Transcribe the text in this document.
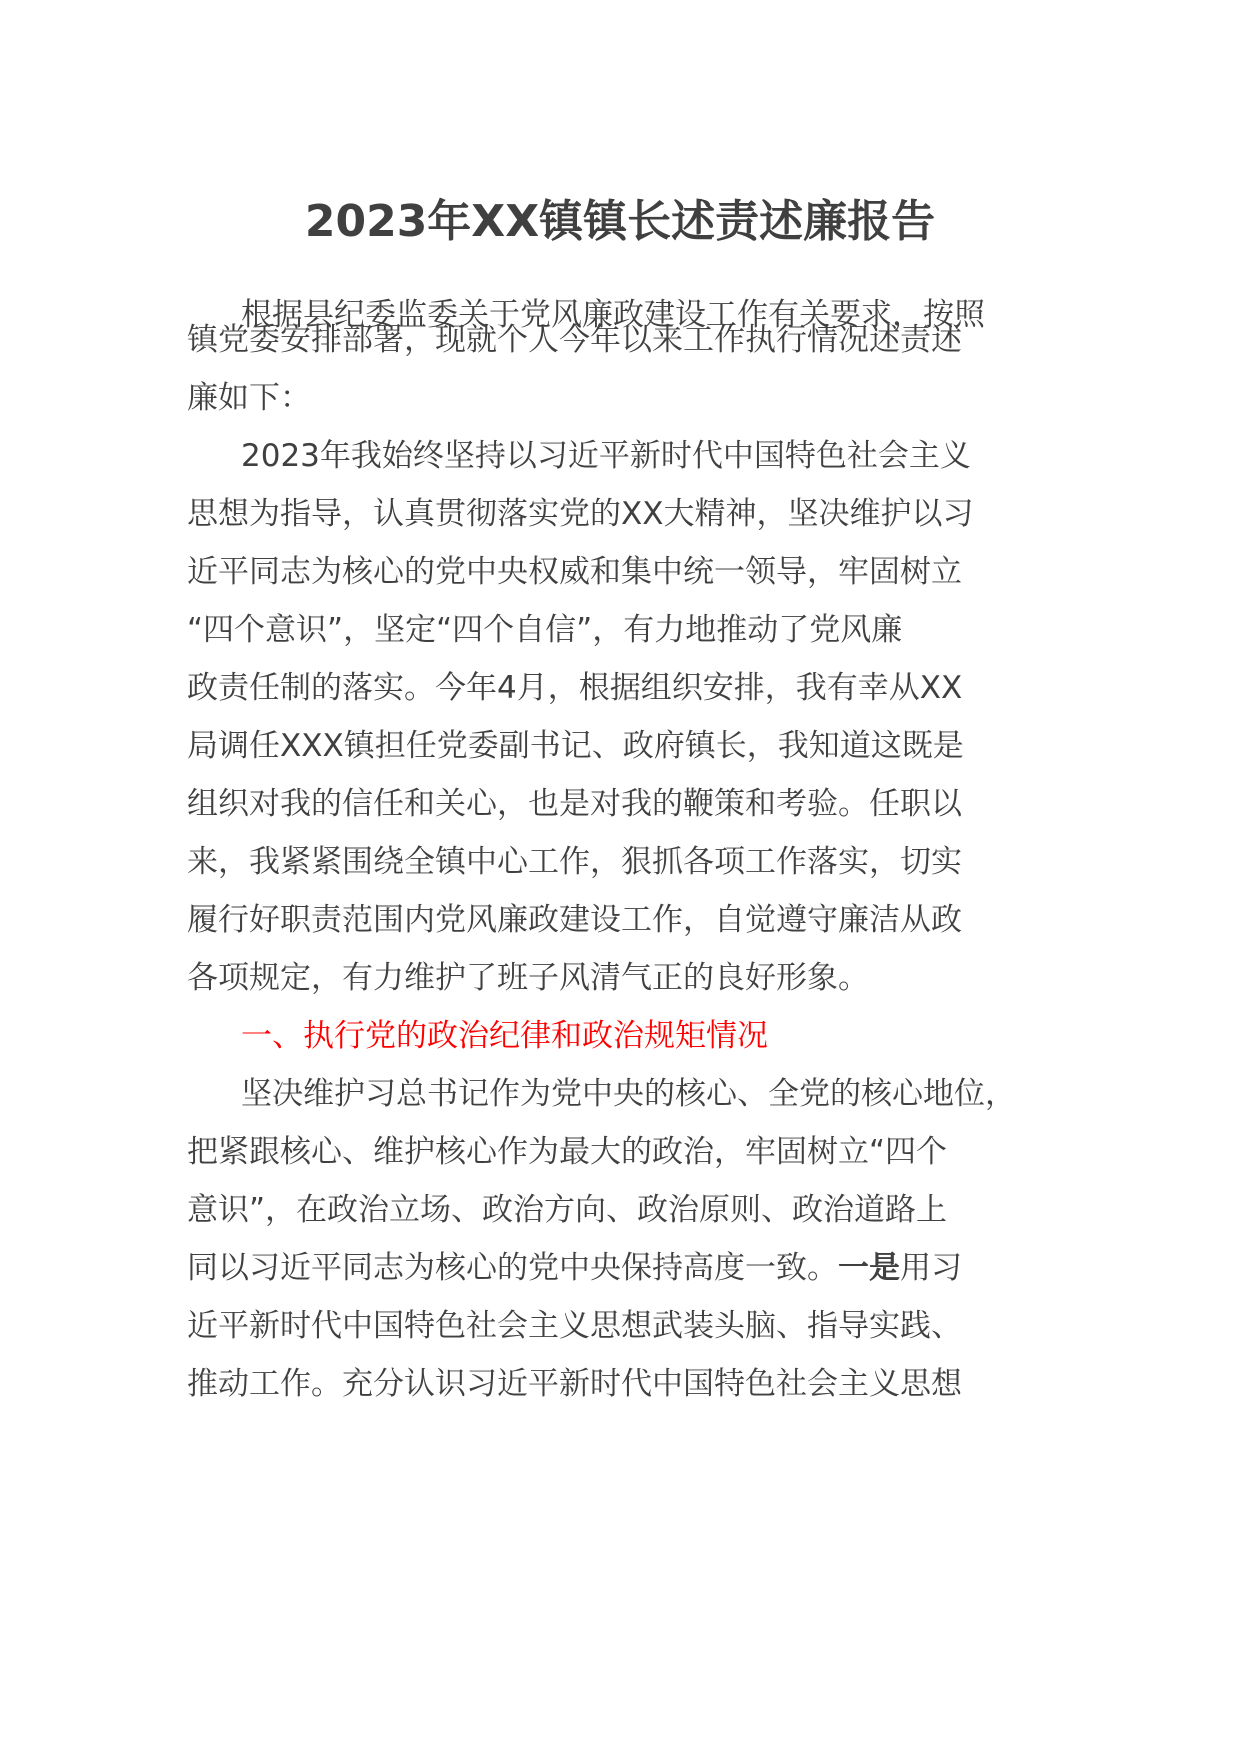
2023年XX镇镇长述责述廉报告
根据县纪委监委关于党风廉政建设工作有关要求，按照
镇党委安排部署，现就个人今年以来工作执行情况述责述
廉如下：
2023年我始终坚持以习近平新时代中国特色社会主义
思想为指导，认真贯彻落实党的XX大精神，坚决维护以习
近平同志为核心的党中央权威和集中统一领导，牢固树立
“四个意识”，坚定“四个自信”，有力地推动了党风廉
政责任制的落实。今年4月，根据组织安排，我有幸从XX
局调任XXX镇担任党委副书记、政府镇长，我知道这既是
组织对我的信任和关心，也是对我的鞭策和考验。任职以
来，我紧紧围绕全镇中心工作，狠抓各项工作落实，切实
履行好职责范围内党风廉政建设工作，自觉遵守廉洁从政
各项规定，有力维护了班子风清气正的良好形象。
一、执行党的政治纪律和政治规矩情况
坚决维护习总书记作为党中央的核心、全党的核心地位，
把紧跟核心、维护核心作为最大的政治，牢固树立“四个
意识”，在政治立场、政治方向、政治原则、政治道路上
同以习近平同志为核心的党中央保持高度一致。一是用习
近平新时代中国特色社会主义思想武装头脑、指导实践、
推动工作。充分认识习近平新时代中国特色社会主义思想
